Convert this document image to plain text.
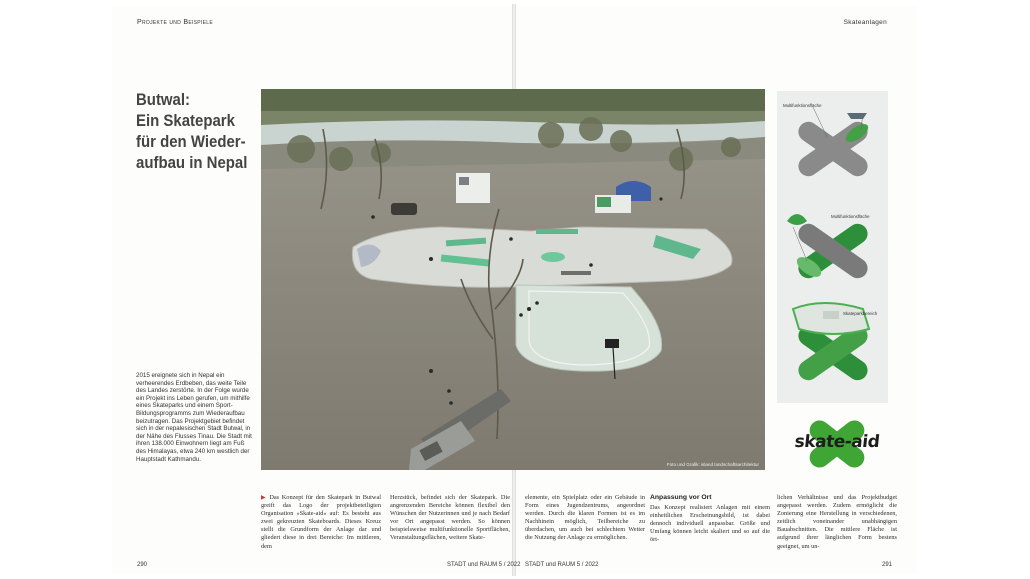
Projekte und Beispiele	Skateanlagen
Butwal:
Ein Skatepark
für den Wieder-
aufbau in Nepal

2015 ereignete sich in Nepal ein verheerendes Erdbeben, das weite Teile des Landes zerstörte. In der Folge wurde ein Projekt ins Leben gerufen, um mithilfe eines Skateparks und einem Sport-Bildungsprogramms zum Wiederaufbau beizutragen. Das Projektgebiet befindet sich in der nepalesischen Stadt Butwal, in der Nähe des Flusses Tinau. Die Stadt mit ihren 138.000 Einwohnern liegt am Fuß des Himalayas, etwa 240 km westlich der Hauptstadt Kathmandu.

Foto und Grafik: island landschaftsarchitektur
Multifunktionsfläche
Multifunktionsfläche
Skateparkbereich
skate-aid
▶ Das Konzept für den Skatepark in Butwal greift das Logo der projektbeteiligten Organisation »Skate-aid« auf: Es besteht aus zwei gekreuzten Skateboards. Dieses Kreuz stellt die Grundform der Anlage dar und gliedert diese in drei Bereiche: Im mittleren, dem
Herzstück, befindet sich der Skatepark. Die angrenzenden Bereiche können flexibel den Wünschen der Nutzerinnen und je nach Bedarf vor Ort angepasst werden. So können beispielsweise multifunktionelle Sportflächen, Veranstaltungsflächen, weitere Skate-
elemente, ein Spielplatz oder ein Gebäude in Form eines Jugendzentrums, angeordnet werden. Durch die klaren Formen ist es im Nachhinein möglich, Teilbereiche zu überdachen, um auch bei schlechtem Wetter die Nutzung der Anlage zu ermöglichen.
Anpassung vor Ort
Das Konzept realisiert Anlagen mit einem einheitlichen Erscheinungsbild, ist dabei dennoch individuell anpassbar. Größe und Umfang können leicht skaliert und so auf die ört-
lichen Verhältnisse und das Projektbudget angepasst werden. Zudem ermöglicht die Zonierung eine Herstellung in verschiedenen, zeitlich voneinander unabhängigen Bauabschnitten. Die mittlere Fläche ist aufgrund ihrer länglichen Form bestens geeignet, um un-
290	STADT und RAUM 5 / 2022 STADT und RAUM 5 / 2022	291
